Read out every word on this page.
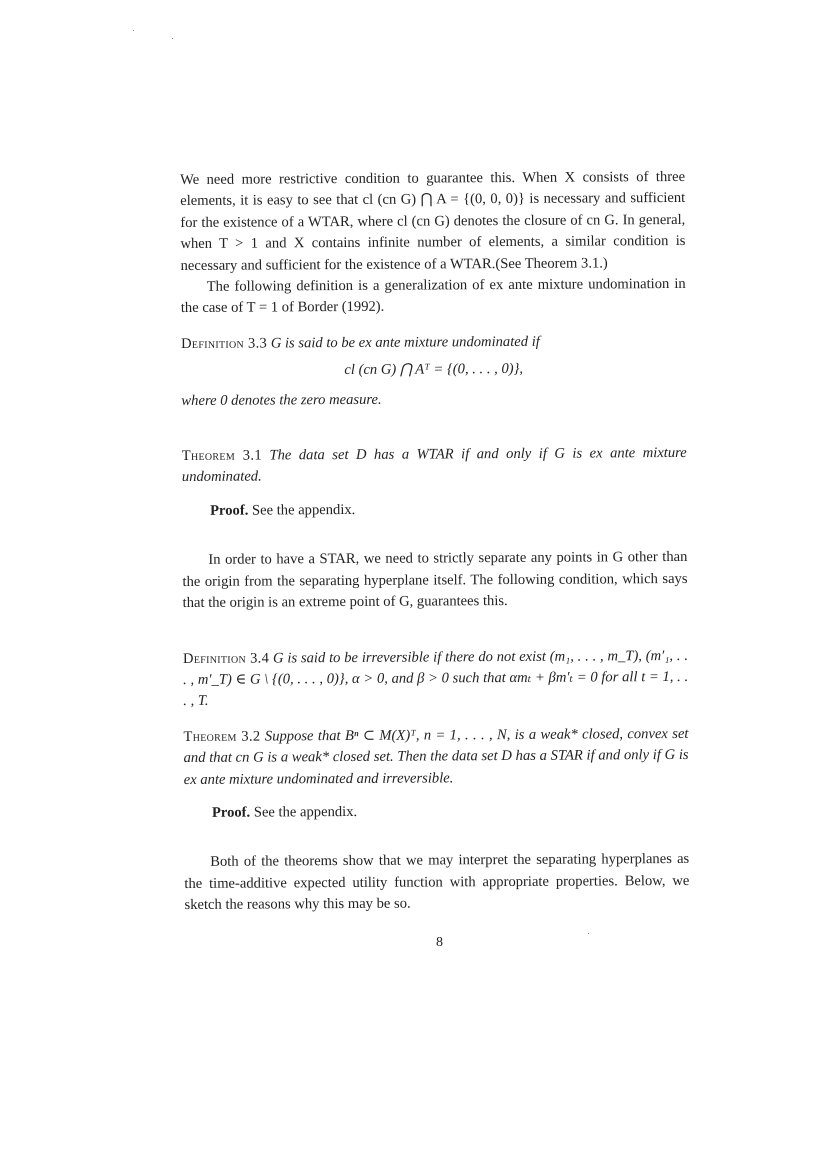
We need more restrictive condition to guarantee this. When X consists of three elements, it is easy to see that cl (cn G) ⋂ A = {(0, 0, 0)} is necessary and sufficient for the existence of a WTAR, where cl (cn G) denotes the closure of cn G. In general, when T > 1 and X contains infinite number of elements, a similar condition is necessary and sufficient for the existence of a WTAR.(See Theorem 3.1.)

The following definition is a generalization of ex ante mixture undomination in the case of T = 1 of Border (1992).

Definition 3.3 G is said to be ex ante mixture undominated if

cl (cn G) ⋂ Aᵀ = {(0, . . . , 0)},

where 0 denotes the zero measure.

Theorem 3.1 The data set D has a WTAR if and only if G is ex ante mixture undominated.

Proof. See the appendix.

In order to have a STAR, we need to strictly separate any points in G other than the origin from the separating hyperplane itself. The following condition, which says that the origin is an extreme point of G, guarantees this.

Definition 3.4 G is said to be irreversible if there do not exist (m₁, . . . , m_T), (m′₁, . . . , m′_T) ∈ G \ {(0, . . . , 0)}, α > 0, and β > 0 such that αmₜ + βm′ₜ = 0 for all t = 1, . . . , T.

Theorem 3.2 Suppose that Bⁿ ⊂ M(X)ᵀ, n = 1, . . . , N, is a weak* closed, convex set and that cn G is a weak* closed set. Then the data set D has a STAR if and only if G is ex ante mixture undominated and irreversible.

Proof. See the appendix.

Both of the theorems show that we may interpret the separating hyperplanes as the time-additive expected utility function with appropriate properties. Below, we sketch the reasons why this may be so.

8
